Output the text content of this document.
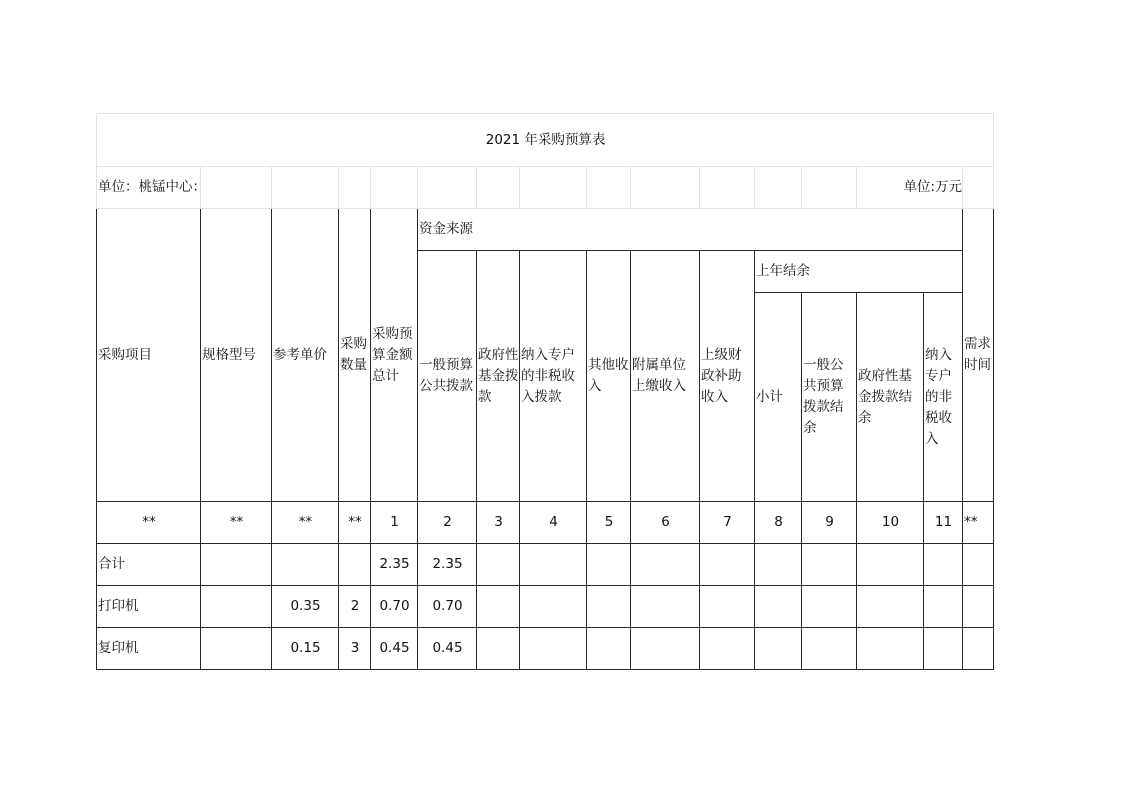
2021 年采购预算表															
单位：桃锰中心：													单位:万元		
采购项目	规格型号	参考单价	采购数量	采购预算金额总计	资金来源										需求时间
					一般预算公共拨款	政府性基金拨款	纳入专户的非税收入拨款	其他收入	附属单位上缴收入	上级财政补助收入	上年结余				
											小计	一般公共预算拨款结余	政府性基金拨款结余	纳入专户的非税收入	
**	**	**	**	1	2	3	4	5	6	7	8	9	10	11	**
合计				2.35	2.35										
打印机		0.35	2	0.70	0.70										
复印机		0.15	3	0.45	0.45										
